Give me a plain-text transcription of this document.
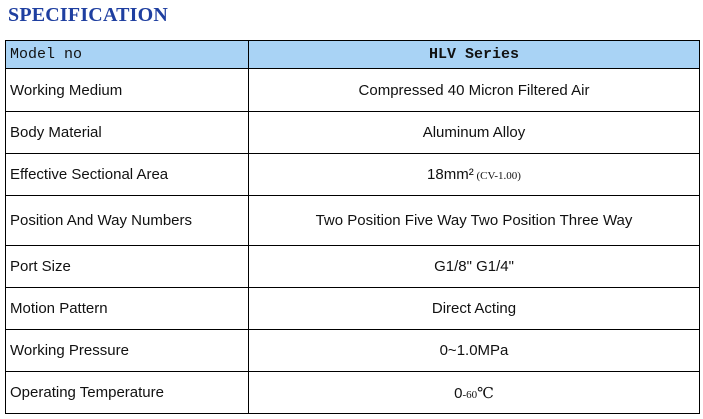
SPECIFICATION
Model no	HLV Series
Working Medium	Compressed 40 Micron Filtered Air
Body Material	Aluminum Alloy
Effective Sectional Area	18mm² (CV-1.00)
Position And Way Numbers	Two Position Five Way Two Position Three Way
Port Size	G1/8" G1/4"
Motion Pattern	Direct Acting
Working Pressure	0~1.0MPa
Operating Temperature	0-60℃
